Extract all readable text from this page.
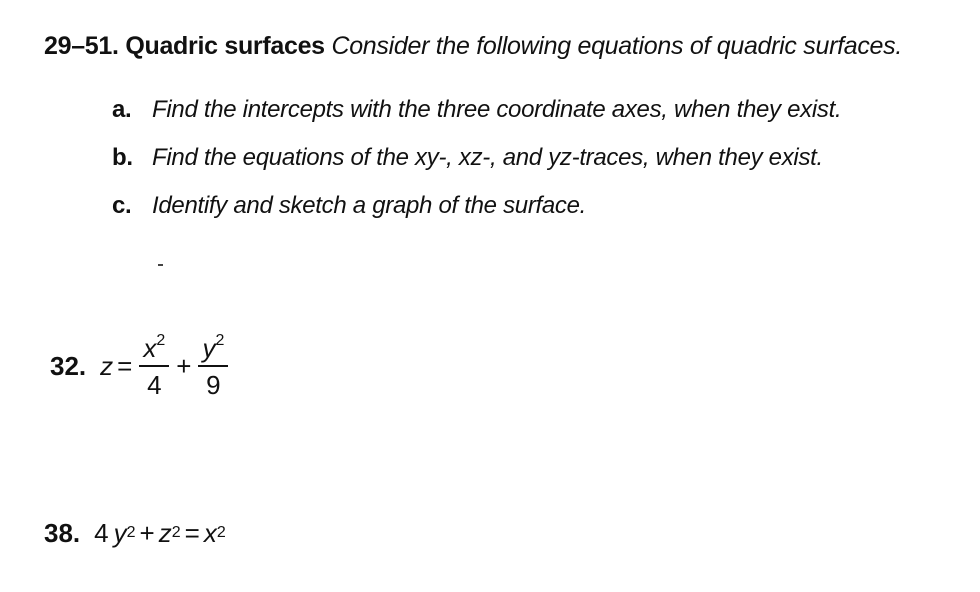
29–51. Quadric surfaces Consider the following equations of quadric surfaces.
a. Find the intercepts with the three coordinate axes, when they exist.
b. Find the equations of the xy-, xz-, and yz-traces, when they exist.
c. Identify and sketch a graph of the surface.
32. $z = \frac{x^2}{4} + \frac{y^2}{9}$
38. 4 y 2 + z 2 = x 2
